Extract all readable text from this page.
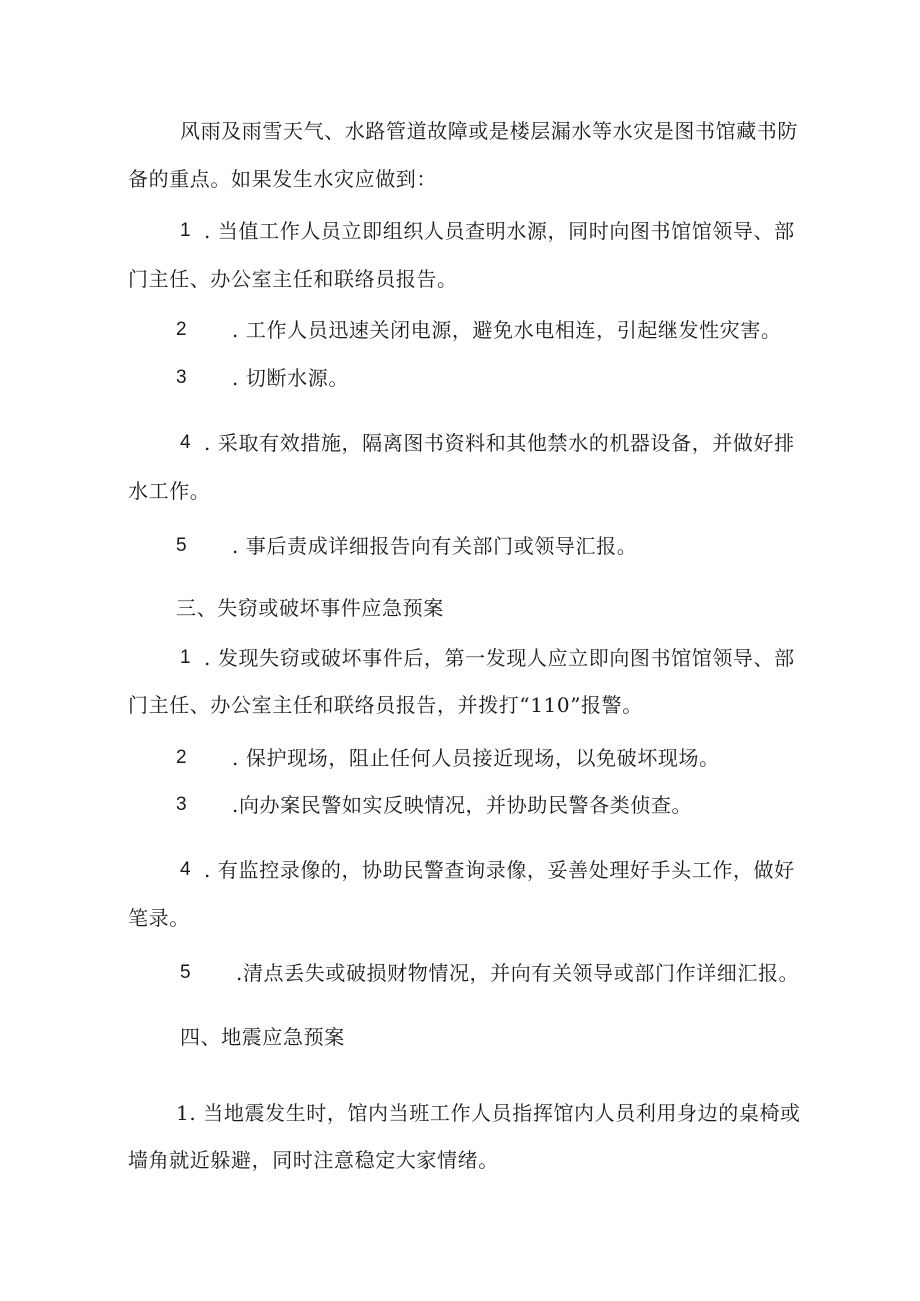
风雨及雨雪天气、水路管道故障或是楼层漏水等水灾是图书馆藏书防
备的重点。如果发生水灾应做到：
1 . 当值工作人员立即组织人员查明水源，同时向图书馆馆领导、部
门主任、办公室主任和联络员报告。
2 . 工作人员迅速关闭电源，避免水电相连，引起继发性灾害。
3 . 切断水源。
4 . 采取有效措施，隔离图书资料和其他禁水的机器设备，并做好排
水工作。
5 . 事后责成详细报告向有关部门或领导汇报。
三、失窃或破坏事件应急预案
1 . 发现失窃或破坏事件后，第一发现人应立即向图书馆馆领导、部
门主任、办公室主任和联络员报告，并拨打“110”报警。
2 . 保护现场，阻止任何人员接近现场，以免破坏现场。
3 .向办案民警如实反映情况，并协助民警各类侦查。
4 . 有监控录像的，协助民警查询录像，妥善处理好手头工作，做好
笔录。
5 .清点丢失或破损财物情况，并向有关领导或部门作详细汇报。
四、地震应急预案
1. 当地震发生时，馆内当班工作人员指挥馆内人员利用身边的桌椅或
墙角就近躲避，同时注意稳定大家情绪。
